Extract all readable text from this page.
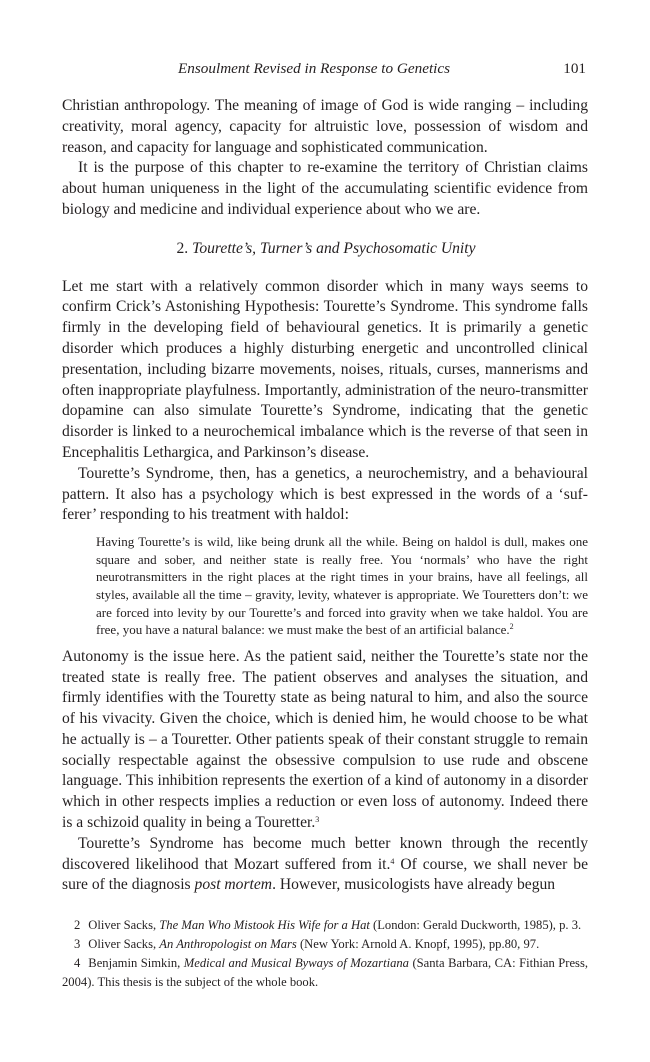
Ensoulment Revised in Response to Genetics	101

Christian anthropology. The meaning of image of God is wide ranging – including creativity, moral agency, capacity for altruistic love, possession of wisdom and reason, and capacity for language and sophisticated communication.

It is the purpose of this chapter to re-examine the territory of Christian claims about human uniqueness in the light of the accumulating scientific evidence from biology and medicine and individual experience about who we are.

2. Tourette’s, Turner’s and Psychosomatic Unity

Let me start with a relatively common disorder which in many ways seems to confirm Crick’s Astonishing Hypothesis: Tourette’s Syndrome. This syndrome falls firmly in the developing field of behavioural genetics. It is primarily a genetic disorder which produces a highly disturbing energetic and uncontrolled clinical presentation, including bizarre movements, noises, rituals, curses, mannerisms and often inappropriate playfulness. Importantly, administration of the neuro-transmitter dopamine can also simulate Tourette’s Syndrome, indicating that the genetic disorder is linked to a neurochemical imbalance which is the reverse of that seen in Encephalitis Lethargica, and Parkinson’s disease.

Tourette’s Syndrome, then, has a genetics, a neurochemistry, and a behavioural pattern. It also has a psychology which is best expressed in the words of a ‘suf-ferer’ responding to his treatment with haldol:

Having Tourette’s is wild, like being drunk all the while. Being on haldol is dull, makes one square and sober, and neither state is really free. You ‘normals’ who have the right neurotransmitters in the right places at the right times in your brains, have all feelings, all styles, available all the time – gravity, levity, whatever is appropriate. We Touretters don’t: we are forced into levity by our Tourette’s and forced into gravity when we take haldol. You are free, you have a natural balance: we must make the best of an artificial balance.$^2$

Autonomy is the issue here. As the patient said, neither the Tourette’s state nor the treated state is really free. The patient observes and analyses the situation, and firmly identifies with the Touretty state as being natural to him, and also the source of his vivacity. Given the choice, which is denied him, he would choose to be what he actually is – a Touretter. Other patients speak of their constant struggle to remain socially respectable against the obsessive compulsion to use rude and obscene language. This inhibition represents the exertion of a kind of autonomy in a disorder which in other respects implies a reduction or even loss of autonomy. Indeed there is a schizoid quality in being a Touretter.$^3$

Tourette’s Syndrome has become much better known through the recently discovered likelihood that Mozart suffered from it.$^4$ Of course, we shall never be sure of the diagnosis post mortem. However, musicologists have already begun

2 Oliver Sacks, The Man Who Mistook His Wife for a Hat (London: Gerald Duckworth, 1985), p. 3.

3 Oliver Sacks, An Anthropologist on Mars (New York: Arnold A. Knopf, 1995), pp.80, 97.

4 Benjamin Simkin, Medical and Musical Byways of Mozartiana (Santa Barbara, CA: Fithian Press, 2004). This thesis is the subject of the whole book.
